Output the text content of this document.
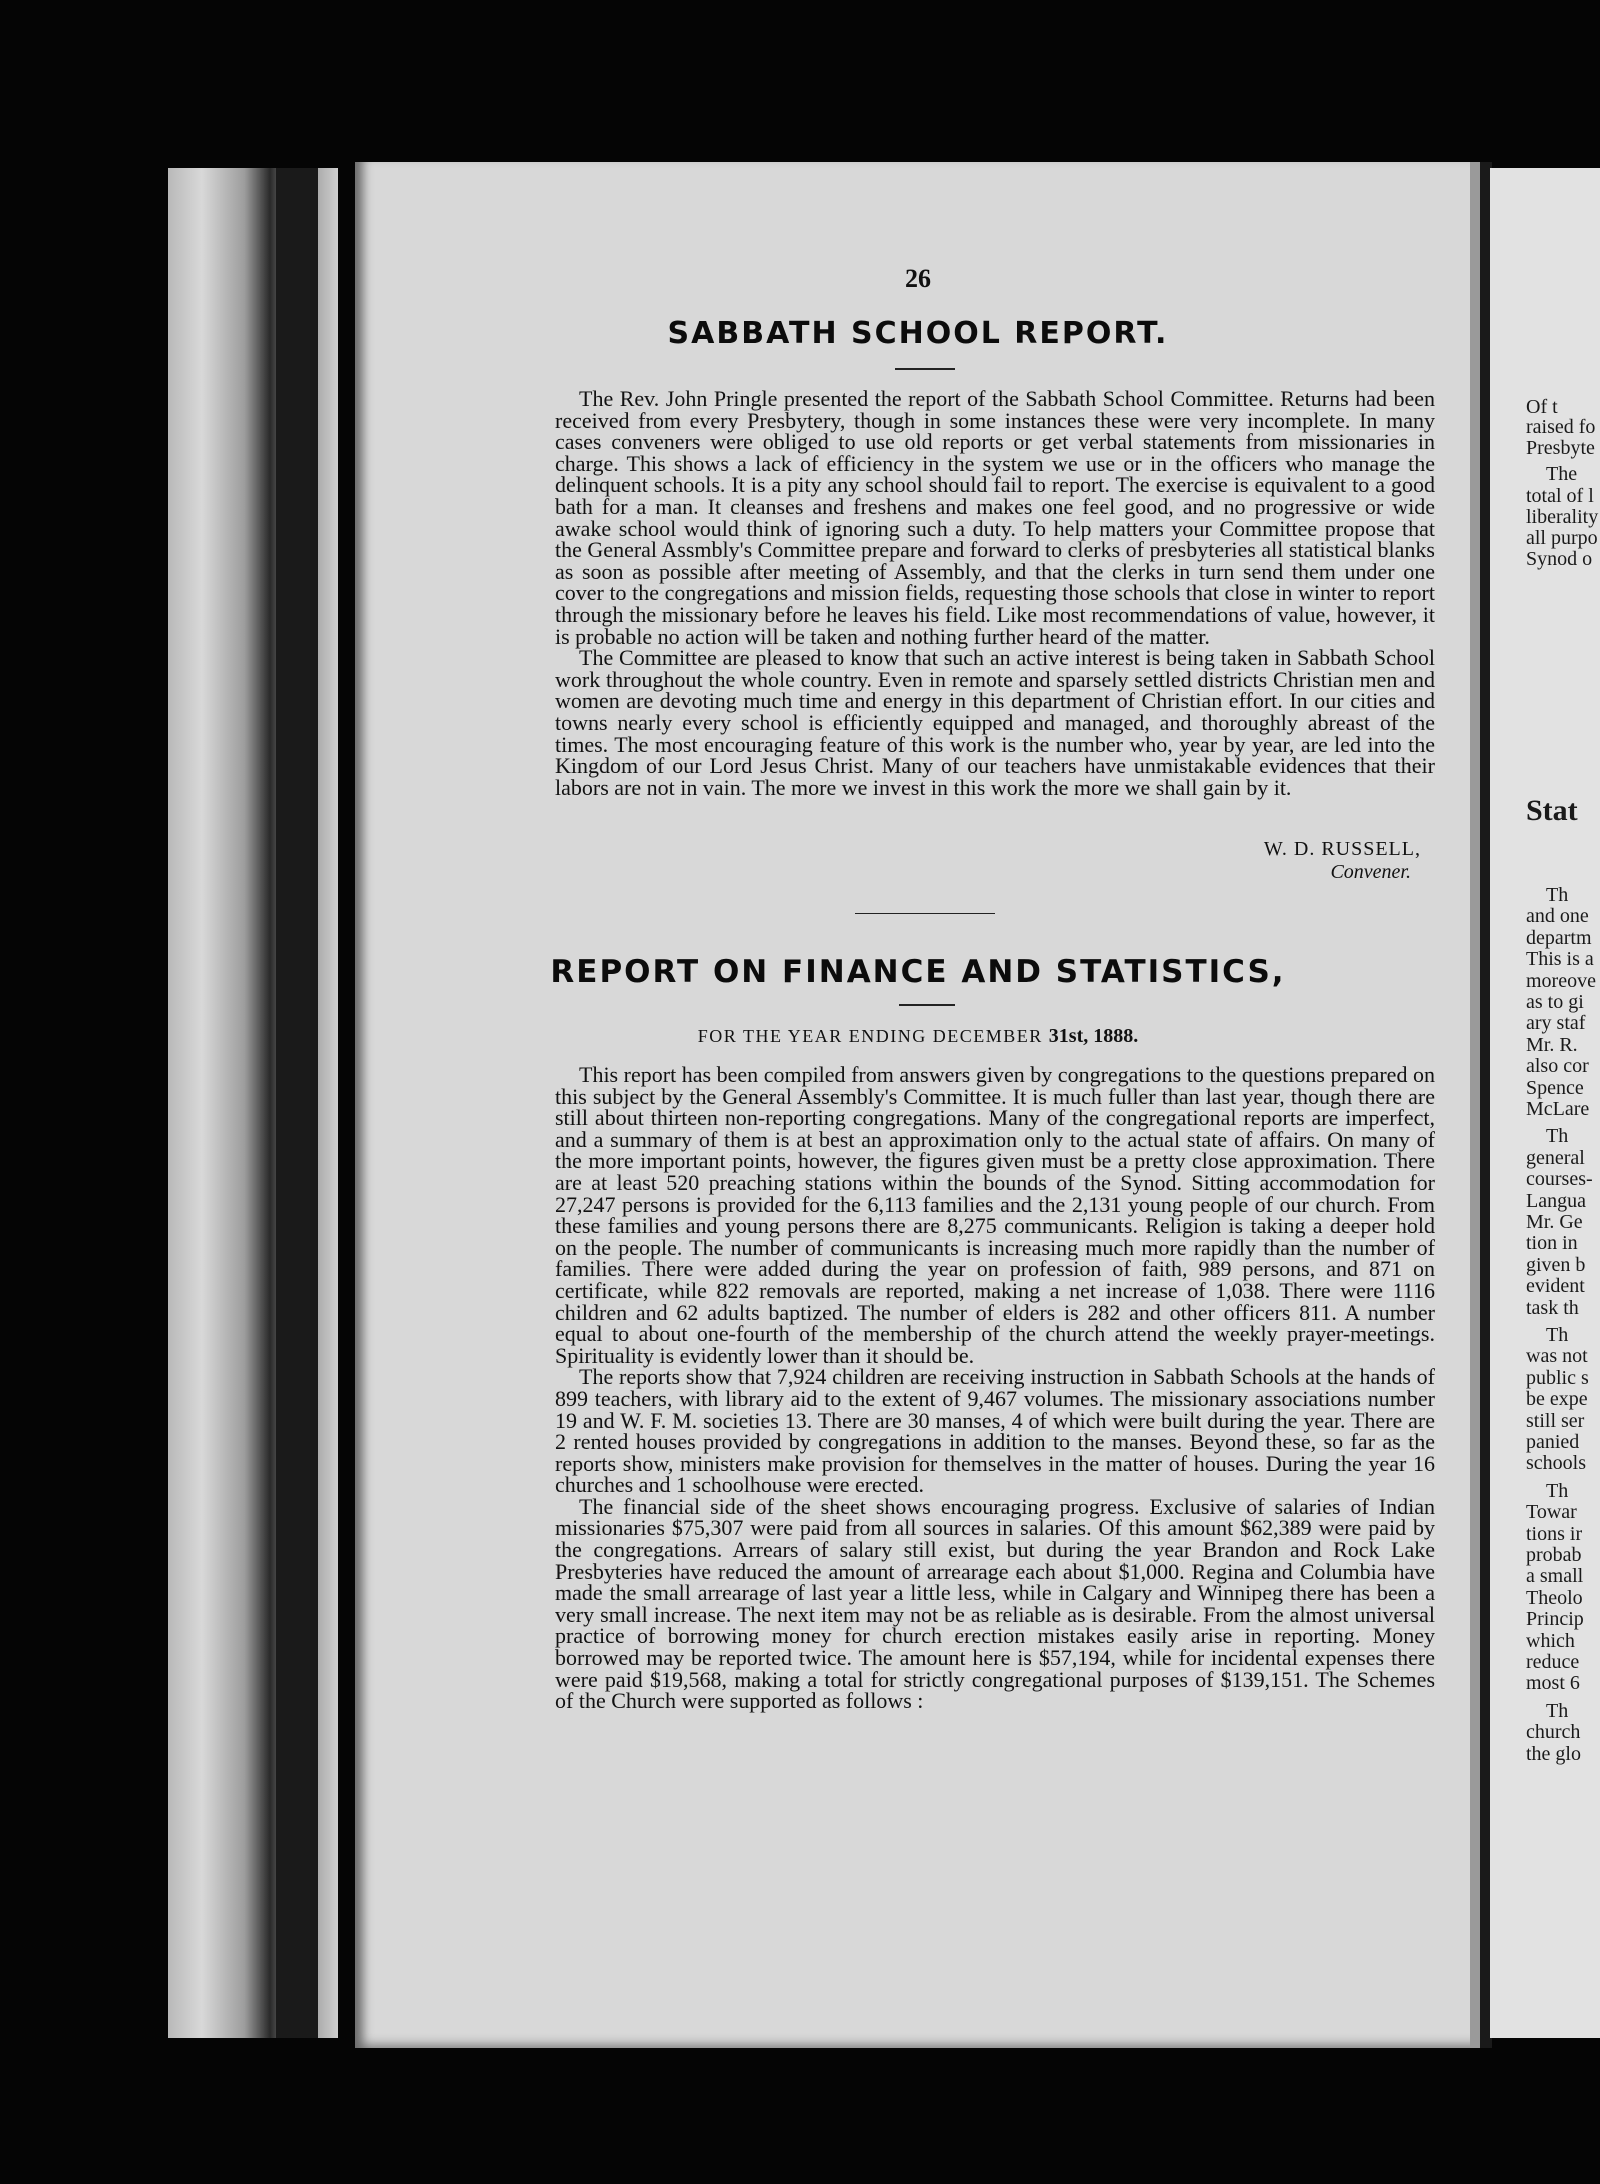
26
SABBATH SCHOOL REPORT.

The Rev. John Pringle presented the report of the Sabbath School Committee. Returns had been received from every Presbytery, though in some instances these were very incomplete. In many cases conveners were obliged to use old reports or get verbal statements from missionaries in charge. This shows a lack of efficiency in the system we use or in the officers who manage the delinquent schools. It is a pity any school should fail to report. The exercise is equivalent to a good bath for a man. It cleanses and freshens and makes one feel good, and no progressive or wide awake school would think of ignoring such a duty. To help matters your Committee propose that the General Assmbly's Committee prepare and forward to clerks of presbyteries all statistical blanks as soon as possible after meeting of Assembly, and that the clerks in turn send them under one cover to the congregations and mission fields, requesting those schools that close in winter to report through the missionary before he leaves his field. Like most recommendations of value, however, it is probable no action will be taken and nothing further heard of the matter.

The Committee are pleased to know that such an active interest is being taken in Sabbath School work throughout the whole country. Even in remote and sparsely settled districts Christian men and women are devoting much time and energy in this department of Christian effort. In our cities and towns nearly every school is efficiently equipped and managed, and thoroughly abreast of the times. The most encouraging feature of this work is the number who, year by year, are led into the Kingdom of our Lord Jesus Christ. Many of our teachers have unmistakable evidences that their labors are not in vain. The more we invest in this work the more we shall gain by it.

W. D. RUSSELL,
Convener.
REPORT ON FINANCE AND STATISTICS,
FOR THE YEAR ENDING DECEMBER 31st, 1888.

This report has been compiled from answers given by congregations to the questions prepared on this subject by the General Assembly's Committee. It is much fuller than last year, though there are still about thirteen non-reporting congregations. Many of the congregational reports are imperfect, and a summary of them is at best an approximation only to the actual state of affairs. On many of the more important points, however, the figures given must be a pretty close approximation. There are at least 520 preaching stations within the bounds of the Synod. Sitting accommodation for 27,247 persons is provided for the 6,113 families and the 2,131 young people of our church. From these families and young persons there are 8,275 communicants. Religion is taking a deeper hold on the people. The number of communicants is increasing much more rapidly than the number of families. There were added during the year on profession of faith, 989 persons, and 871 on certificate, while 822 removals are reported, making a net increase of 1,038. There were 1116 children and 62 adults baptized. The number of elders is 282 and other officers 811. A number equal to about one-fourth of the membership of the church attend the weekly prayer-meetings. Spirituality is evidently lower than it should be.

The reports show that 7,924 children are receiving instruction in Sabbath Schools at the hands of 899 teachers, with library aid to the extent of 9,467 volumes. The missionary associations number 19 and W. F. M. societies 13. There are 30 manses, 4 of which were built during the year. There are 2 rented houses provided by congregations in addition to the manses. Beyond these, so far as the reports show, ministers make provision for themselves in the matter of houses. During the year 16 churches and 1 schoolhouse were erected.

The financial side of the sheet shows encouraging progress. Exclusive of salaries of Indian missionaries $75,307 were paid from all sources in salaries. Of this amount $62,389 were paid by the congregations. Arrears of salary still exist, but during the year Brandon and Rock Lake Presbyteries have reduced the amount of arrearage each about $1,000. Regina and Columbia have made the small arrearage of last year a little less, while in Calgary and Winnipeg there has been a very small increase. The next item may not be as reliable as is desirable. From the almost universal practice of borrowing money for church erection mistakes easily arise in reporting. Money borrowed may be reported twice. The amount here is $57,194, while for incidental expenses there were paid $19,568, making a total for strictly congregational purposes of $139,151. The Schemes of the Church were supported as follows :

Of t
raised fo
Presbyte
The
total of l
liberality
all purpo
Synod o
Stat
Th
and one
departm
This is a
moreove
as to gi
ary staf
Mr. R.
also cor
Spence
McLare
Th
general
courses-
Langua
Mr. Ge
tion in
given b
evident
task th
Th
was not
public s
be expe
still ser
panied
schools
Th
Towar
tions ir
probab
a small
Theolo
Princip
which
reduce
most 6
Th
church
the glo
